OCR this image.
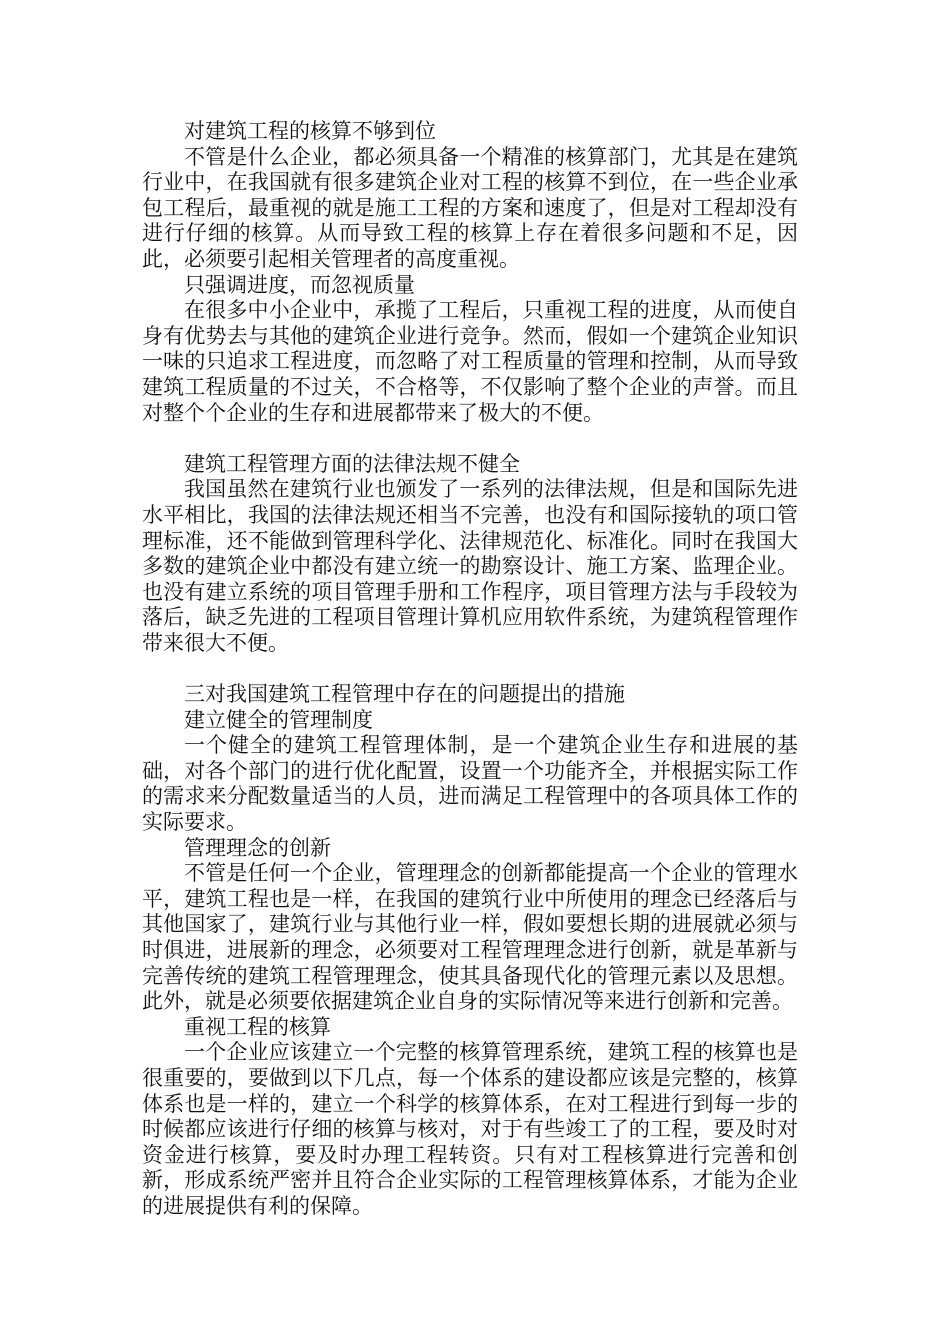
对建筑工程的核算不够到位

不管是什么企业，都必须具备一个精准的核算部门，尤其是在建筑行业中，在我国就有很多建筑企业对工程的核算不到位，在一些企业承包工程后，最重视的就是施工工程的方案和速度了，但是对工程却没有进行仔细的核算。从而导致工程的核算上存在着很多问题和不足，因此，必须要引起相关管理者的高度重视。

只强调进度，而忽视质量

在很多中小企业中，承揽了工程后，只重视工程的进度，从而使自身有优势去与其他的建筑企业进行竞争。然而，假如一个建筑企业知识一味的只追求工程进度，而忽略了对工程质量的管理和控制，从而导致建筑工程质量的不过关，不合格等，不仅影响了整个企业的声誉。而且对整个个企业的生存和进展都带来了极大的不便。

建筑工程管理方面的法律法规不健全

我国虽然在建筑行业也颁发了一系列的法律法规，但是和国际先进水平相比，我国的法律法规还相当不完善，也没有和国际接轨的项口管理标准，还不能做到管理科学化、法律规范化、标准化。同时在我国大多数的建筑企业中都没有建立统一的勘察设计、施工方案、监理企业。也没有建立系统的项目管理手册和工作程序，项目管理方法与手段较为落后，缺乏先进的工程项目管理计算机应用软件系统，为建筑程管理作带来很大不便。

三对我国建筑工程管理中存在的问题提出的措施

建立健全的管理制度

一个健全的建筑工程管理体制，是一个建筑企业生存和进展的基础，对各个部门的进行优化配置，设置一个功能齐全，并根据实际工作的需求来分配数量适当的人员，进而满足工程管理中的各项具体工作的实际要求。

管理理念的创新

不管是任何一个企业，管理理念的创新都能提高一个企业的管理水平，建筑工程也是一样，在我国的建筑行业中所使用的理念已经落后与其他国家了，建筑行业与其他行业一样，假如要想长期的进展就必须与时俱进，进展新的理念，必须要对工程管理理念进行创新，就是革新与完善传统的建筑工程管理理念，使其具备现代化的管理元素以及思想。此外，就是必须要依据建筑企业自身的实际情况等来进行创新和完善。

重视工程的核算

一个企业应该建立一个完整的核算管理系统，建筑工程的核算也是很重要的，要做到以下几点，每一个体系的建设都应该是完整的，核算体系也是一样的，建立一个科学的核算体系，在对工程进行到每一步的时候都应该进行仔细的核算与核对，对于有些竣工了的工程，要及时对资金进行核算，要及时办理工程转资。只有对工程核算进行完善和创新，形成系统严密并且符合企业实际的工程管理核算体系，才能为企业的进展提供有利的保障。
